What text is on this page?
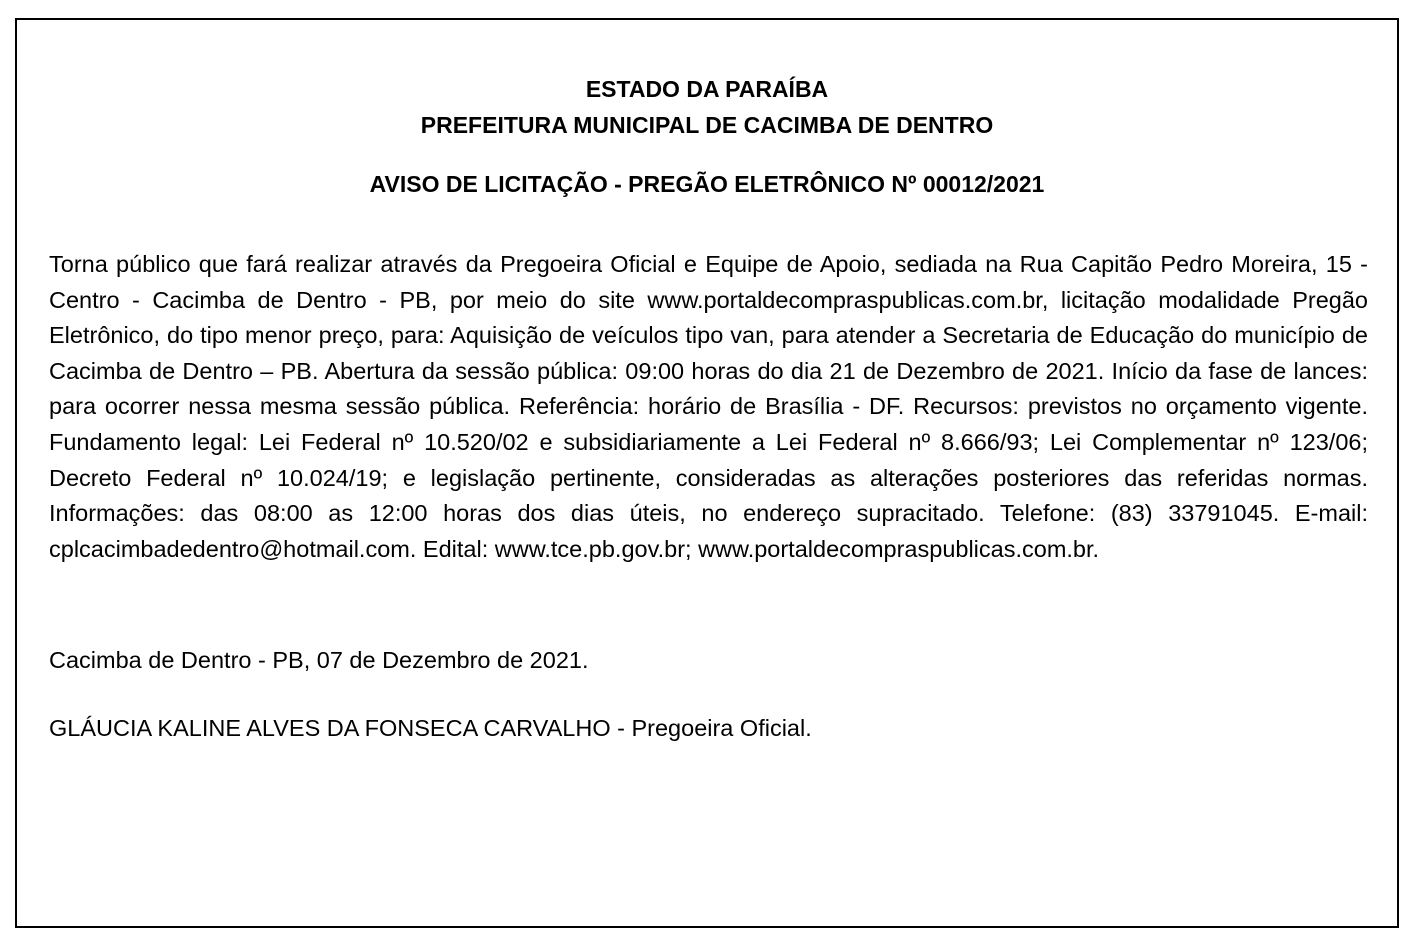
ESTADO DA PARAÍBA
PREFEITURA MUNICIPAL DE CACIMBA DE DENTRO
AVISO DE LICITAÇÃO - PREGÃO ELETRÔNICO Nº 00012/2021
Torna público que fará realizar através da Pregoeira Oficial e Equipe de Apoio, sediada na Rua Capitão Pedro Moreira, 15 - Centro - Cacimba de Dentro - PB, por meio do site www.portaldecompraspublicas.com.br, licitação modalidade Pregão Eletrônico, do tipo menor preço, para: Aquisição de veículos tipo van, para atender a Secretaria de Educação do município de Cacimba de Dentro – PB. Abertura da sessão pública: 09:00 horas do dia 21 de Dezembro de 2021. Início da fase de lances: para ocorrer nessa mesma sessão pública. Referência: horário de Brasília - DF. Recursos: previstos no orçamento vigente. Fundamento legal: Lei Federal nº 10.520/02 e subsidiariamente a Lei Federal nº 8.666/93; Lei Complementar nº 123/06; Decreto Federal nº 10.024/19; e legislação pertinente, consideradas as alterações posteriores das referidas normas. Informações: das 08:00 as 12:00 horas dos dias úteis, no endereço supracitado. Telefone: (83) 33791045. E-mail: cplcacimbadedentro@hotmail.com. Edital: www.tce.pb.gov.br; www.portaldecompraspublicas.com.br.
Cacimba de Dentro - PB, 07 de Dezembro de 2021.
GLÁUCIA KALINE ALVES DA FONSECA CARVALHO - Pregoeira Oficial.
